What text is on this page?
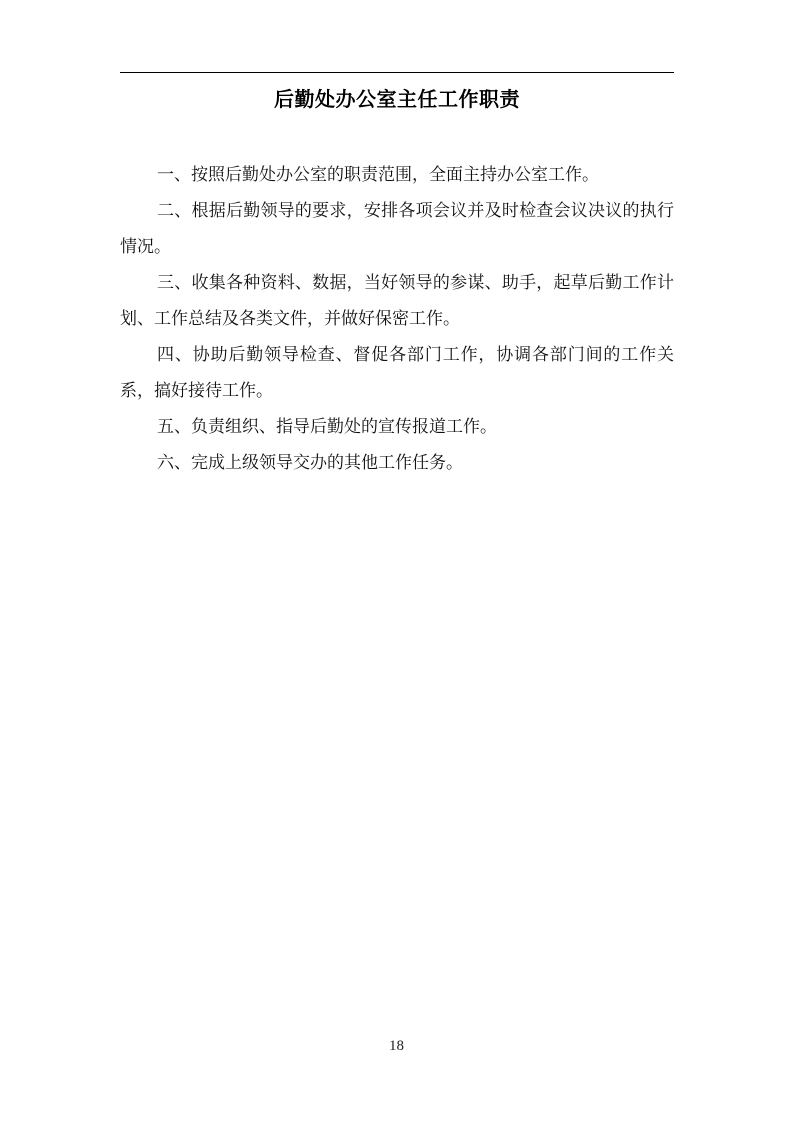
后勤处办公室主任工作职责

一、按照后勤处办公室的职责范围，全面主持办公室工作。

二、根据后勤领导的要求，安排各项会议并及时检查会议决议的执行情况。

三、收集各种资料、数据，当好领导的参谋、助手，起草后勤工作计划、工作总结及各类文件，并做好保密工作。

四、协助后勤领导检查、督促各部门工作，协调各部门间的工作关系，搞好接待工作。

五、负责组织、指导后勤处的宣传报道工作。

六、完成上级领导交办的其他工作任务。

18
